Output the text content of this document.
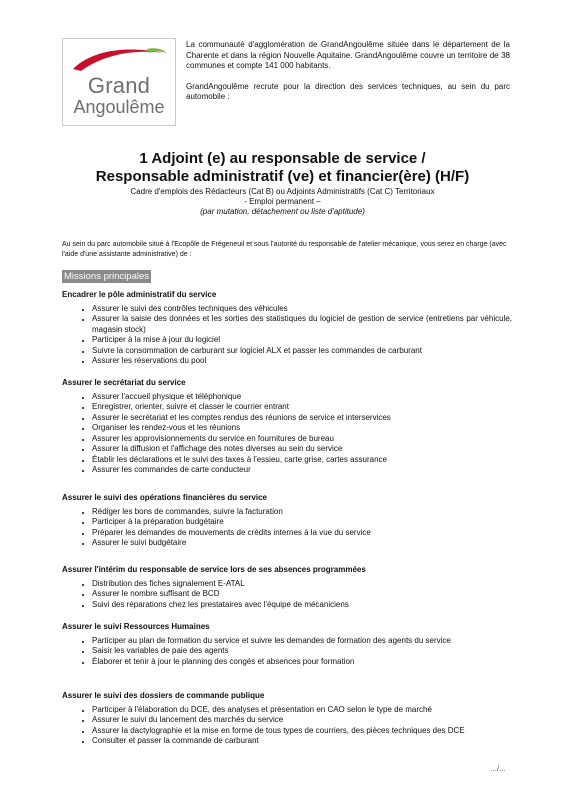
Grand
Angoulême

La communauté d'agglomération de GrandAngoulême située dans le département de la Charente et dans la région Nouvelle Aquitaine. GrandAngoulême couvre un territoire de 38 communes et compte 141 000 habitants.

GrandAngoulême recrute pour la direction des services techniques, au sein du parc automobile :

1 Adjoint (e) au responsable de service /
Responsable administratif (ve) et financier(ère) (H/F)
Cadre d'emplois des Rédacteurs (Cat B) ou Adjoints Administratifs (Cat C) Territoriaux
- Emploi permanent –
(par mutation, détachement ou liste d'aptitude)
Au sein du parc automobile situé à l'Ecopôle de Frégeneuil et sous l'autorité du responsable de l'atelier mécanique, vous serez en charge (avec l'aide d'une assistante administrative) de :
Missions principales
Encadrer le pôle administratif du service
• Assurer le suivi des contrôles techniques des véhicules
• Assurer la saisie des données et les sorties des statistiques du logiciel de gestion de service (entretiens par véhicule, magasin stock)
• Participer à la mise à jour du logiciel
• Suivre la consommation de carburant sur logiciel ALX et passer les commandes de carburant
• Assurer les réservations du pool
Assurer le secrétariat du service
• Assurer l'accueil physique et téléphonique
• Enregistrer, orienter, suivre et classer le courrier entrant
• Assurer le secrétariat et les comptes rendus des réunions de service et interservices
• Organiser les rendez-vous et les réunions
• Assurer les approvisionnements du service en fournitures de bureau
• Assurer la diffusion et l'affichage des notes diverses au sein du service
• Établir les déclarations et le suivi des taxes à l'essieu, carte grise, cartes assurance
• Assurer les commandes de carte conducteur
Assurer le suivi des opérations financières du service
• Rédiger les bons de commandes, suivre la facturation
• Participer à la préparation budgétaire
• Préparer les demandes de mouvements de crédits internes à la vue du service
• Assurer le suivi budgétaire
Assurer l'intérim du responsable de service lors de ses absences programmées
• Distribution des fiches signalement E-ATAL
• Assurer le nombre suffisant de BCD
• Suivi des réparations chez les prestataires avec l'équipe de mécaniciens
Assurer le suivi Ressources Humaines
• Participer au plan de formation du service et suivre les demandes de formation des agents du service
• Saisir les variables de paie des agents
• Élaborer et tenir à jour le planning des congés et absences pour formation
Assurer le suivi des dossiers de commande publique
• Participer à l'élaboration du DCE, des analyses et présentation en CAO selon le type de marché
• Assurer le suivi du lancement des marchés du service
• Assurer la dactylographie et la mise en forme de tous types de courriers, des pièces techniques des DCE
• Consulter et passer la commande de carburant
…/…
